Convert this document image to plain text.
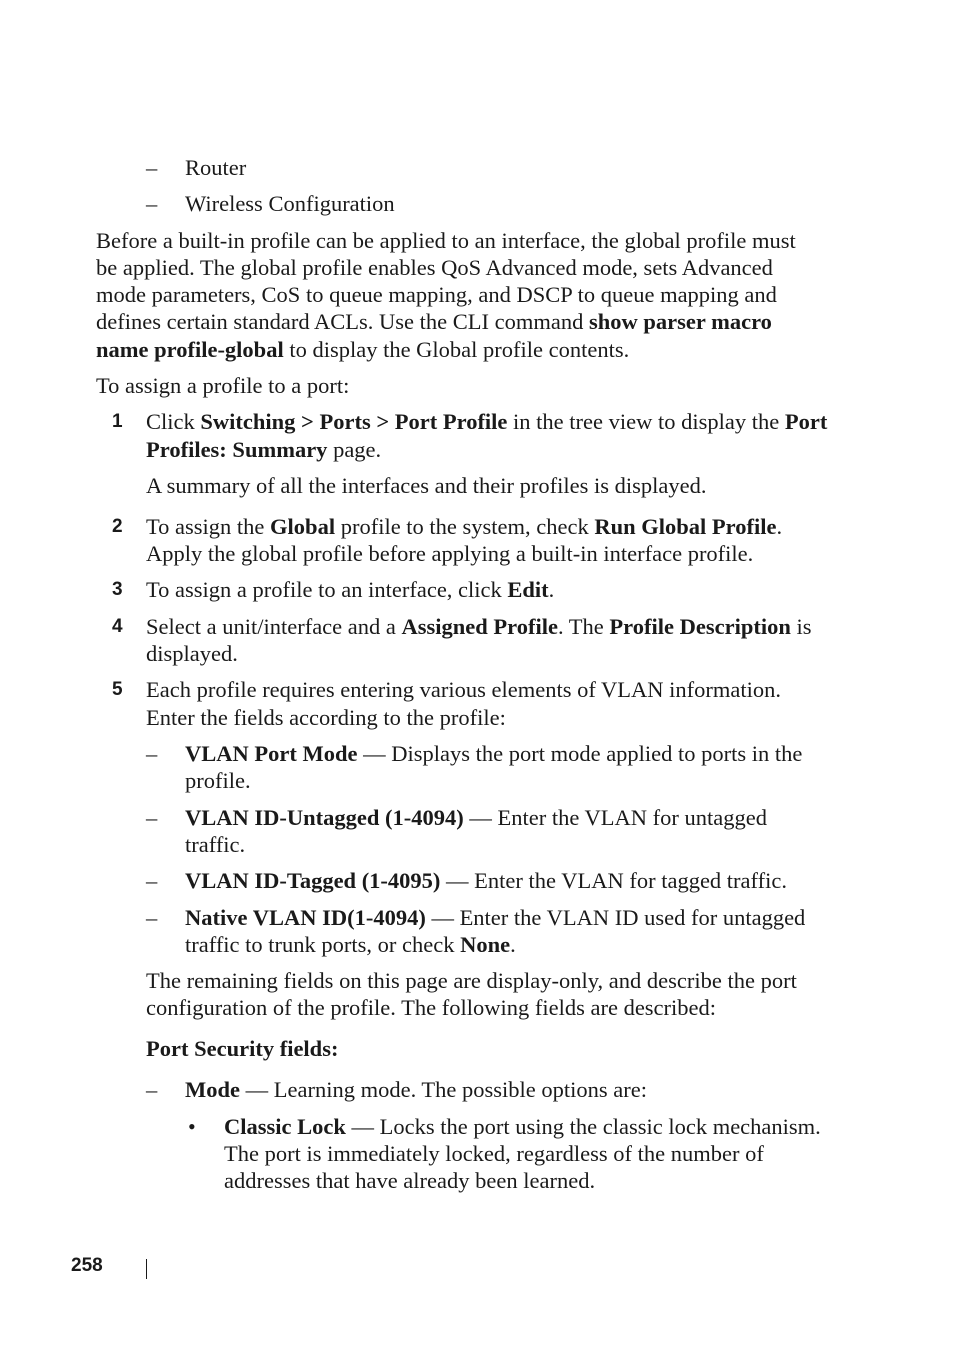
– Router
– Wireless Configuration
Before a built-in profile can be applied to an interface, the global profile must
be applied. The global profile enables QoS Advanced mode, sets Advanced
mode parameters, CoS to queue mapping, and DSCP to queue mapping and
defines certain standard ACLs. Use the CLI command show parser macro
name profile-global to display the Global profile contents.
To assign a profile to a port:
1 Click Switching > Ports > Port Profile in the tree view to display the Port
Profiles: Summary page.
A summary of all the interfaces and their profiles is displayed.
2 To assign the Global profile to the system, check Run Global Profile.
Apply the global profile before applying a built-in interface profile.
3 To assign a profile to an interface, click Edit.
4 Select a unit/interface and a Assigned Profile. The Profile Description is
displayed.
5 Each profile requires entering various elements of VLAN information.
Enter the fields according to the profile:
– VLAN Port Mode — Displays the port mode applied to ports in the
profile.
– VLAN ID-Untagged (1-4094) — Enter the VLAN for untagged
traffic.
– VLAN ID-Tagged (1-4095) — Enter the VLAN for tagged traffic.
– Native VLAN ID(1-4094) — Enter the VLAN ID used for untagged
traffic to trunk ports, or check None.
The remaining fields on this page are display-only, and describe the port
configuration of the profile. The following fields are described:
Port Security fields:
– Mode — Learning mode. The possible options are:
• Classic Lock — Locks the port using the classic lock mechanism.
The port is immediately locked, regardless of the number of
addresses that have already been learned.
258
